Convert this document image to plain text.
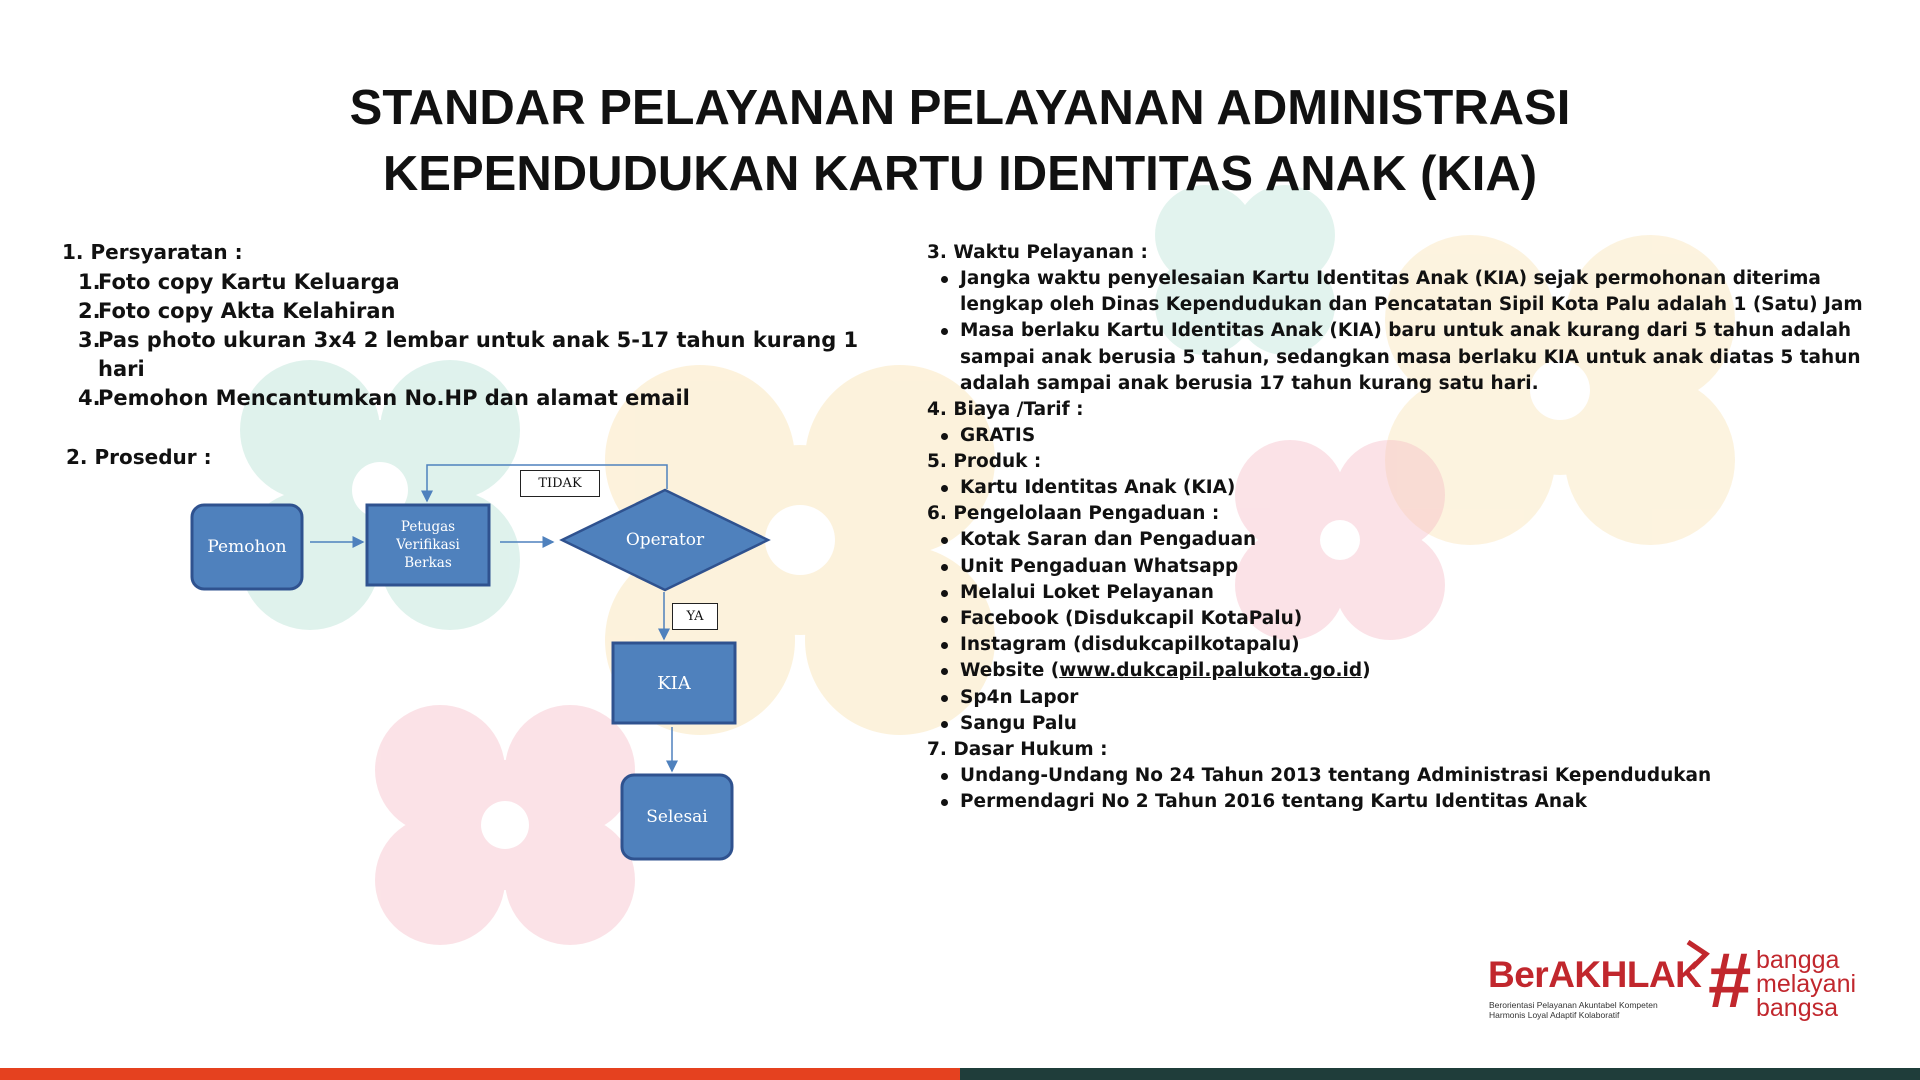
STANDAR PELAYANAN PELAYANAN ADMINISTRASI
KEPENDUDUKAN KARTU IDENTITAS ANAK (KIA)
1. Persyaratan :
1.
Foto copy Kartu Keluarga
2.
Foto copy Akta Kelahiran
3.
Pas photo ukuran 3x4 2 lembar untuk anak 5-17 tahun kurang 1 hari
4.
Pemohon Mencantumkan No.HP dan alamat email
2. Prosedur :
Pemohon
Petugas
Verifikasi
Berkas
Operator
KIA
Selesai
TIDAK
YA
3. Waktu Pelayanan :
Jangka waktu penyelesaian Kartu Identitas Anak (KIA) sejak permohonan diterima lengkap oleh Dinas Kependudukan dan Pencatatan Sipil Kota Palu adalah 1 (Satu) Jam
Masa berlaku Kartu Identitas Anak (KIA) baru untuk anak kurang dari 5 tahun adalah sampai anak berusia 5 tahun, sedangkan masa berlaku KIA untuk anak diatas 5 tahun adalah sampai anak berusia 17 tahun kurang satu hari.
4. Biaya /Tarif :
GRATIS
5. Produk :
Kartu Identitas Anak (KIA)
6. Pengelolaan Pengaduan :
Kotak Saran dan Pengaduan
Unit Pengaduan Whatsapp
Melalui Loket Pelayanan
Facebook (Disdukcapil KotaPalu)
Instagram (disdukcapilkotapalu)
Website (www.dukcapil.palukota.go.id)
Sp4n Lapor
Sangu Palu
7. Dasar Hukum :
Undang-Undang No 24 Tahun 2013 tentang Administrasi Kependudukan
Permendagri No 2 Tahun 2016 tentang Kartu Identitas Anak
BerAKHLAK
Berorientasi Pelayanan Akuntabel Kompeten
Harmonis Loyal Adaptif Kolaboratif	# bangga
melayani
bangsa
